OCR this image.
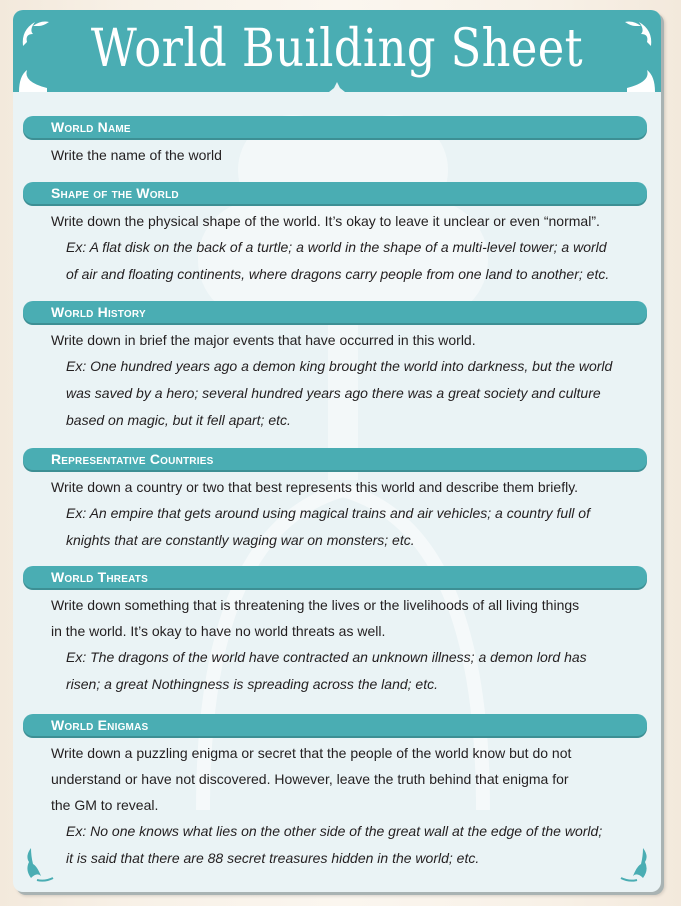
World Building Sheet
World Name
Write the name of the world
Shape of the World
Write down the physical shape of the world. It’s okay to leave it unclear or even “normal”.
Ex: A flat disk on the back of a turtle; a world in the shape of a multi-level tower; a world
of air and floating continents, where dragons carry people from one land to another; etc.
World History
Write down in brief the major events that have occurred in this world.
Ex: One hundred years ago a demon king brought the world into darkness, but the world
was saved by a hero; several hundred years ago there was a great society and culture
based on magic, but it fell apart; etc.
Representative Countries
Write down a country or two that best represents this world and describe them briefly.
Ex: An empire that gets around using magical trains and air vehicles; a country full of
knights that are constantly waging war on monsters; etc.
World Threats
Write down something that is threatening the lives or the livelihoods of all living things
in the world. It’s okay to have no world threats as well.
Ex: The dragons of the world have contracted an unknown illness; a demon lord has
risen; a great Nothingness is spreading across the land; etc.
World Enigmas
Write down a puzzling enigma or secret that the people of the world know but do not
understand or have not discovered. However, leave the truth behind that enigma for
the GM to reveal.
Ex: No one knows what lies on the other side of the great wall at the edge of the world;
it is said that there are 88 secret treasures hidden in the world; etc.
